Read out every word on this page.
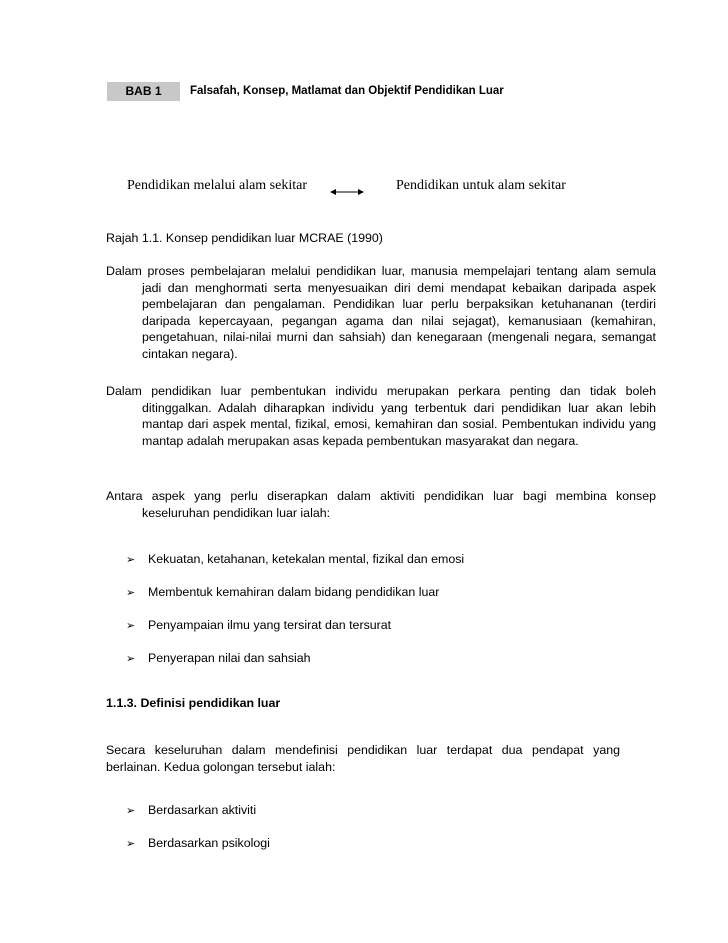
BAB 1	Falsafah, Konsep, Matlamat dan Objektif Pendidikan Luar
Pendidikan melalui alam sekitar	Pendidikan untuk alam sekitar
Rajah 1.1. Konsep pendidikan luar MCRAE (1990)

Dalam proses pembelajaran melalui pendidikan luar, manusia mempelajari tentang alam semula jadi dan menghormati serta menyesuaikan diri demi mendapat kebaikan daripada aspek pembelajaran dan pengalaman. Pendidikan luar perlu berpaksikan ketuhananan (terdiri daripada kepercayaan, pegangan agama dan nilai sejagat), kemanusiaan (kemahiran, pengetahuan, nilai-nilai murni dan sahsiah) dan kenegaraan (mengenali negara, semangat cintakan negara).

Dalam pendidikan luar pembentukan individu merupakan perkara penting dan tidak boleh ditinggalkan. Adalah diharapkan individu yang terbentuk dari pendidikan luar akan lebih mantap dari aspek mental, fizikal, emosi, kemahiran dan sosial. Pembentukan individu yang mantap adalah merupakan asas kepada pembentukan masyarakat dan negara.

Antara aspek yang perlu diserapkan dalam aktiviti pendidikan luar bagi membina konsep keseluruhan pendidikan luar ialah:

➢ Kekuatan, ketahanan, ketekalan mental, fizikal dan emosi
➢ Membentuk kemahiran dalam bidang pendidikan luar
➢ Penyampaian ilmu yang tersirat dan tersurat
➢ Penyerapan nilai dan sahsiah
1.1.3. Definisi pendidikan luar

Secara keseluruhan dalam mendefinisi pendidikan luar terdapat dua pendapat yang berlainan. Kedua golongan tersebut ialah:

➢ Berdasarkan aktiviti
➢ Berdasarkan psikologi
